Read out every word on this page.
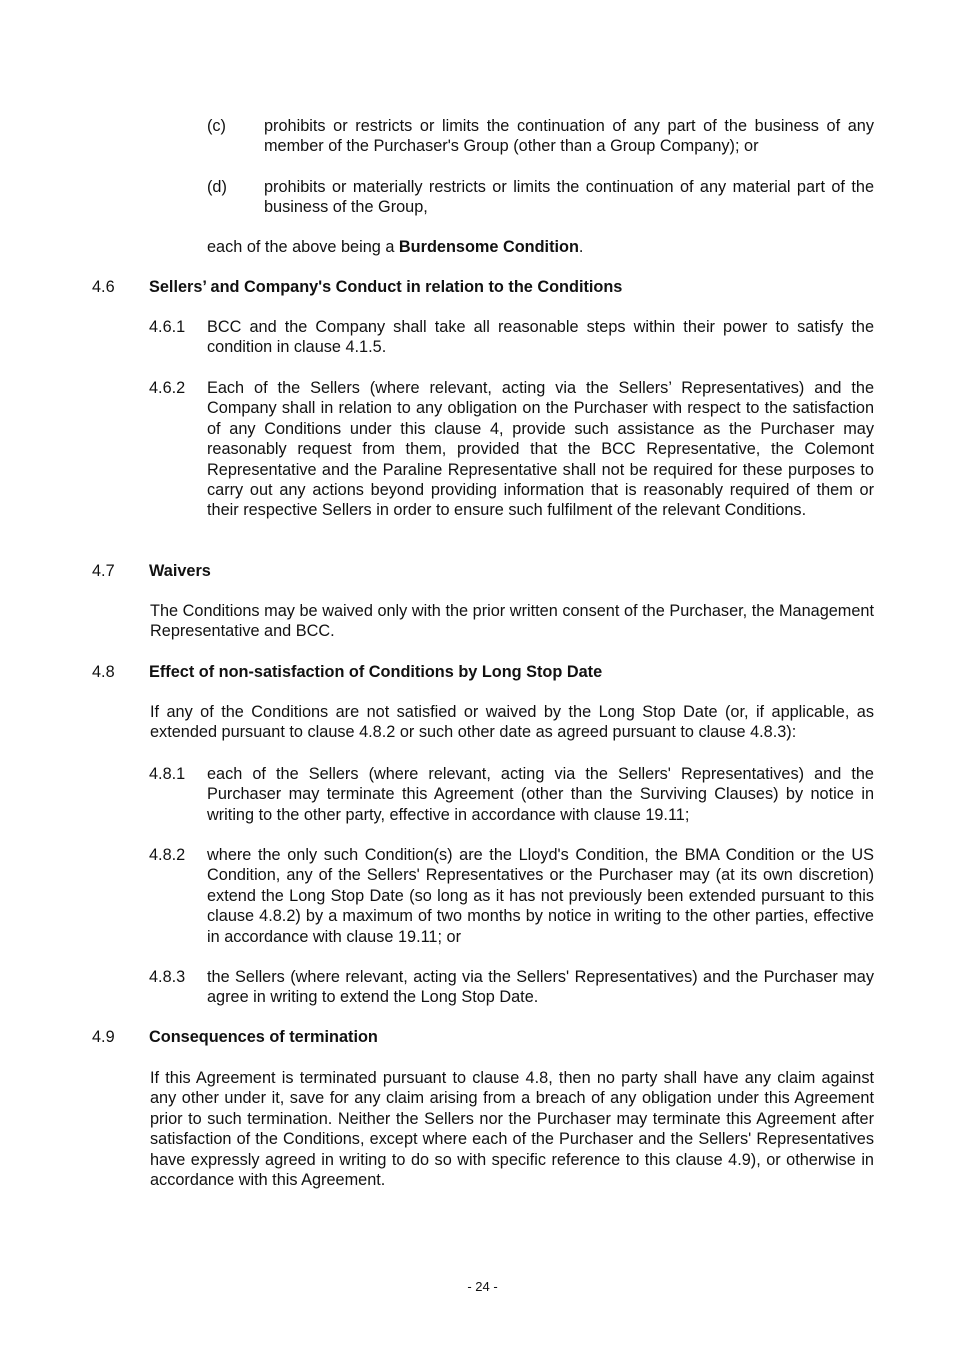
(c) prohibits or restricts or limits the continuation of any part of the business of any member of the Purchaser's Group (other than a Group Company); or
(d) prohibits or materially restricts or limits the continuation of any material part of the business of the Group,
each of the above being a Burdensome Condition.
4.6 Sellers’ and Company's Conduct in relation to the Conditions
4.6.1 BCC and the Company shall take all reasonable steps within their power to satisfy the condition in clause 4.1.5.
4.6.2 Each of the Sellers (where relevant, acting via the Sellers’ Representatives) and the Company shall in relation to any obligation on the Purchaser with respect to the satisfaction of any Conditions under this clause 4, provide such assistance as the Purchaser may reasonably request from them, provided that the BCC Representative, the Colemont Representative and the Paraline Representative shall not be required for these purposes to carry out any actions beyond providing information that is reasonably required of them or their respective Sellers in order to ensure such fulfilment of the relevant Conditions.
4.7 Waivers
The Conditions may be waived only with the prior written consent of the Purchaser, the Management Representative and BCC.
4.8 Effect of non-satisfaction of Conditions by Long Stop Date
If any of the Conditions are not satisfied or waived by the Long Stop Date (or, if applicable, as extended pursuant to clause 4.8.2 or such other date as agreed pursuant to clause 4.8.3):
4.8.1 each of the Sellers (where relevant, acting via the Sellers' Representatives) and the Purchaser may terminate this Agreement (other than the Surviving Clauses) by notice in writing to the other party, effective in accordance with clause 19.11;
4.8.2 where the only such Condition(s) are the Lloyd's Condition, the BMA Condition or the US Condition, any of the Sellers' Representatives or the Purchaser may (at its own discretion) extend the Long Stop Date (so long as it has not previously been extended pursuant to this clause 4.8.2) by a maximum of two months by notice in writing to the other parties, effective in accordance with clause 19.11; or
4.8.3 the Sellers (where relevant, acting via the Sellers' Representatives) and the Purchaser may agree in writing to extend the Long Stop Date.
4.9 Consequences of termination
If this Agreement is terminated pursuant to clause 4.8, then no party shall have any claim against any other under it, save for any claim arising from a breach of any obligation under this Agreement prior to such termination. Neither the Sellers nor the Purchaser may terminate this Agreement after satisfaction of the Conditions, except where each of the Purchaser and the Sellers' Representatives have expressly agreed in writing to do so with specific reference to this clause 4.9), or otherwise in accordance with this Agreement.
- 24 -
